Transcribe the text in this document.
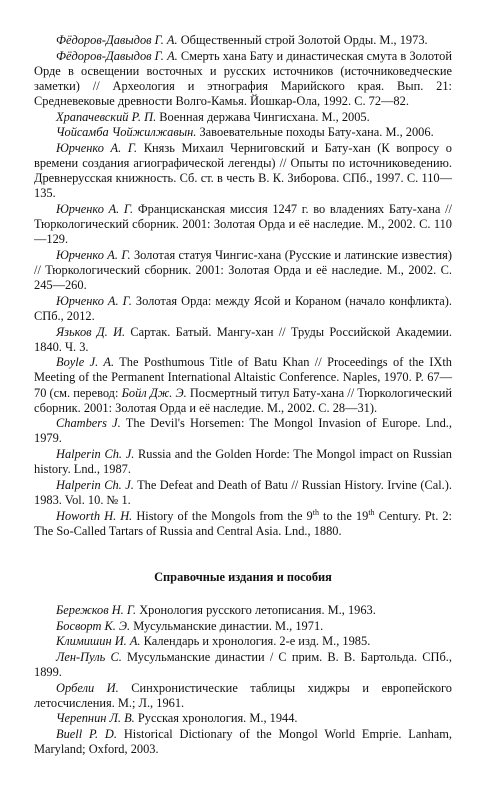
Фёдоров-Давыдов Г. А. Общественный строй Золотой Орды. М., 1973.

Фёдоров-Давыдов Г. А. Смерть хана Бату и династическая смута в Золотой Орде в освещении восточных и русских источников (источниковедческие заметки) // Археология и этнография Марийского края. Вып. 21: Средневековые древности Волго-Камья. Йошкар-Ола, 1992. С. 72—82.

Храпачевский Р. П. Военная держава Чингисхана. М., 2005.

Чойсамба Чойжилжавын. Завоевательные походы Бату-хана. М., 2006.

Юрченко А. Г. Князь Михаил Черниговский и Бату-хан (К вопросу о времени создания агиографической легенды) // Опыты по источниковедению. Древнерусская книжность. Сб. ст. в честь В. К. Зиборова. СПб., 1997. С. 110—135.

Юрченко А. Г. Францисканская миссия 1247 г. во владениях Бату-хана // Тюркологический сборник. 2001: Золотая Орда и её наследие. М., 2002. С. 110—129.

Юрченко А. Г. Золотая статуя Чингис-хана (Русские и латинские известия) // Тюркологический сборник. 2001: Золотая Орда и её наследие. М., 2002. С. 245—260.

Юрченко А. Г. Золотая Орда: между Ясой и Кораном (начало конфликта). СПб., 2012.

Язьков Д. И. Сартак. Батый. Мангу-хан // Труды Российской Академии. 1840. Ч. 3.

Boyle J. A. The Posthumous Title of Batu Khan // Proceedings of the IXth Meeting of the Permanent International Altaistic Conference. Naples, 1970. P. 67—70 (см. перевод: Бойл Дж. Э. Посмертный титул Бату-хана // Тюркологический сборник. 2001: Золотая Орда и её наследие. М., 2002. С. 28—31).

Chambers J. The Devil's Horsemen: The Mongol Invasion of Europe. Lnd., 1979.

Halperin Ch. J. Russia and the Golden Horde: The Mongol impact on Russian history. Lnd., 1987.

Halperin Ch. J. The Defeat and Death of Batu // Russian History. Irvine (Cal.). 1983. Vol. 10. № 1.

Howorth H. H. History of the Mongols from the 9th to the 19th Century. Pt. 2: The So-Called Tartars of Russia and Central Asia. Lnd., 1880.

Справочные издания и пособия

Бережков Н. Г. Хронология русского летописания. М., 1963.

Босворт К. Э. Мусульманские династии. М., 1971.

Климишин И. А. Календарь и хронология. 2-е изд. М., 1985.

Лен-Пуль С. Мусульманские династии / С прим. В. В. Бартольда. СПб., 1899.

Орбели И. Синхронистические таблицы хиджры и европейского летосчисления. М.; Л., 1961.

Черепнин Л. В. Русская хронология. М., 1944.

Buell P. D. Historical Dictionary of the Mongol World Emprie. Lanham, Maryland; Oxford, 2003.
